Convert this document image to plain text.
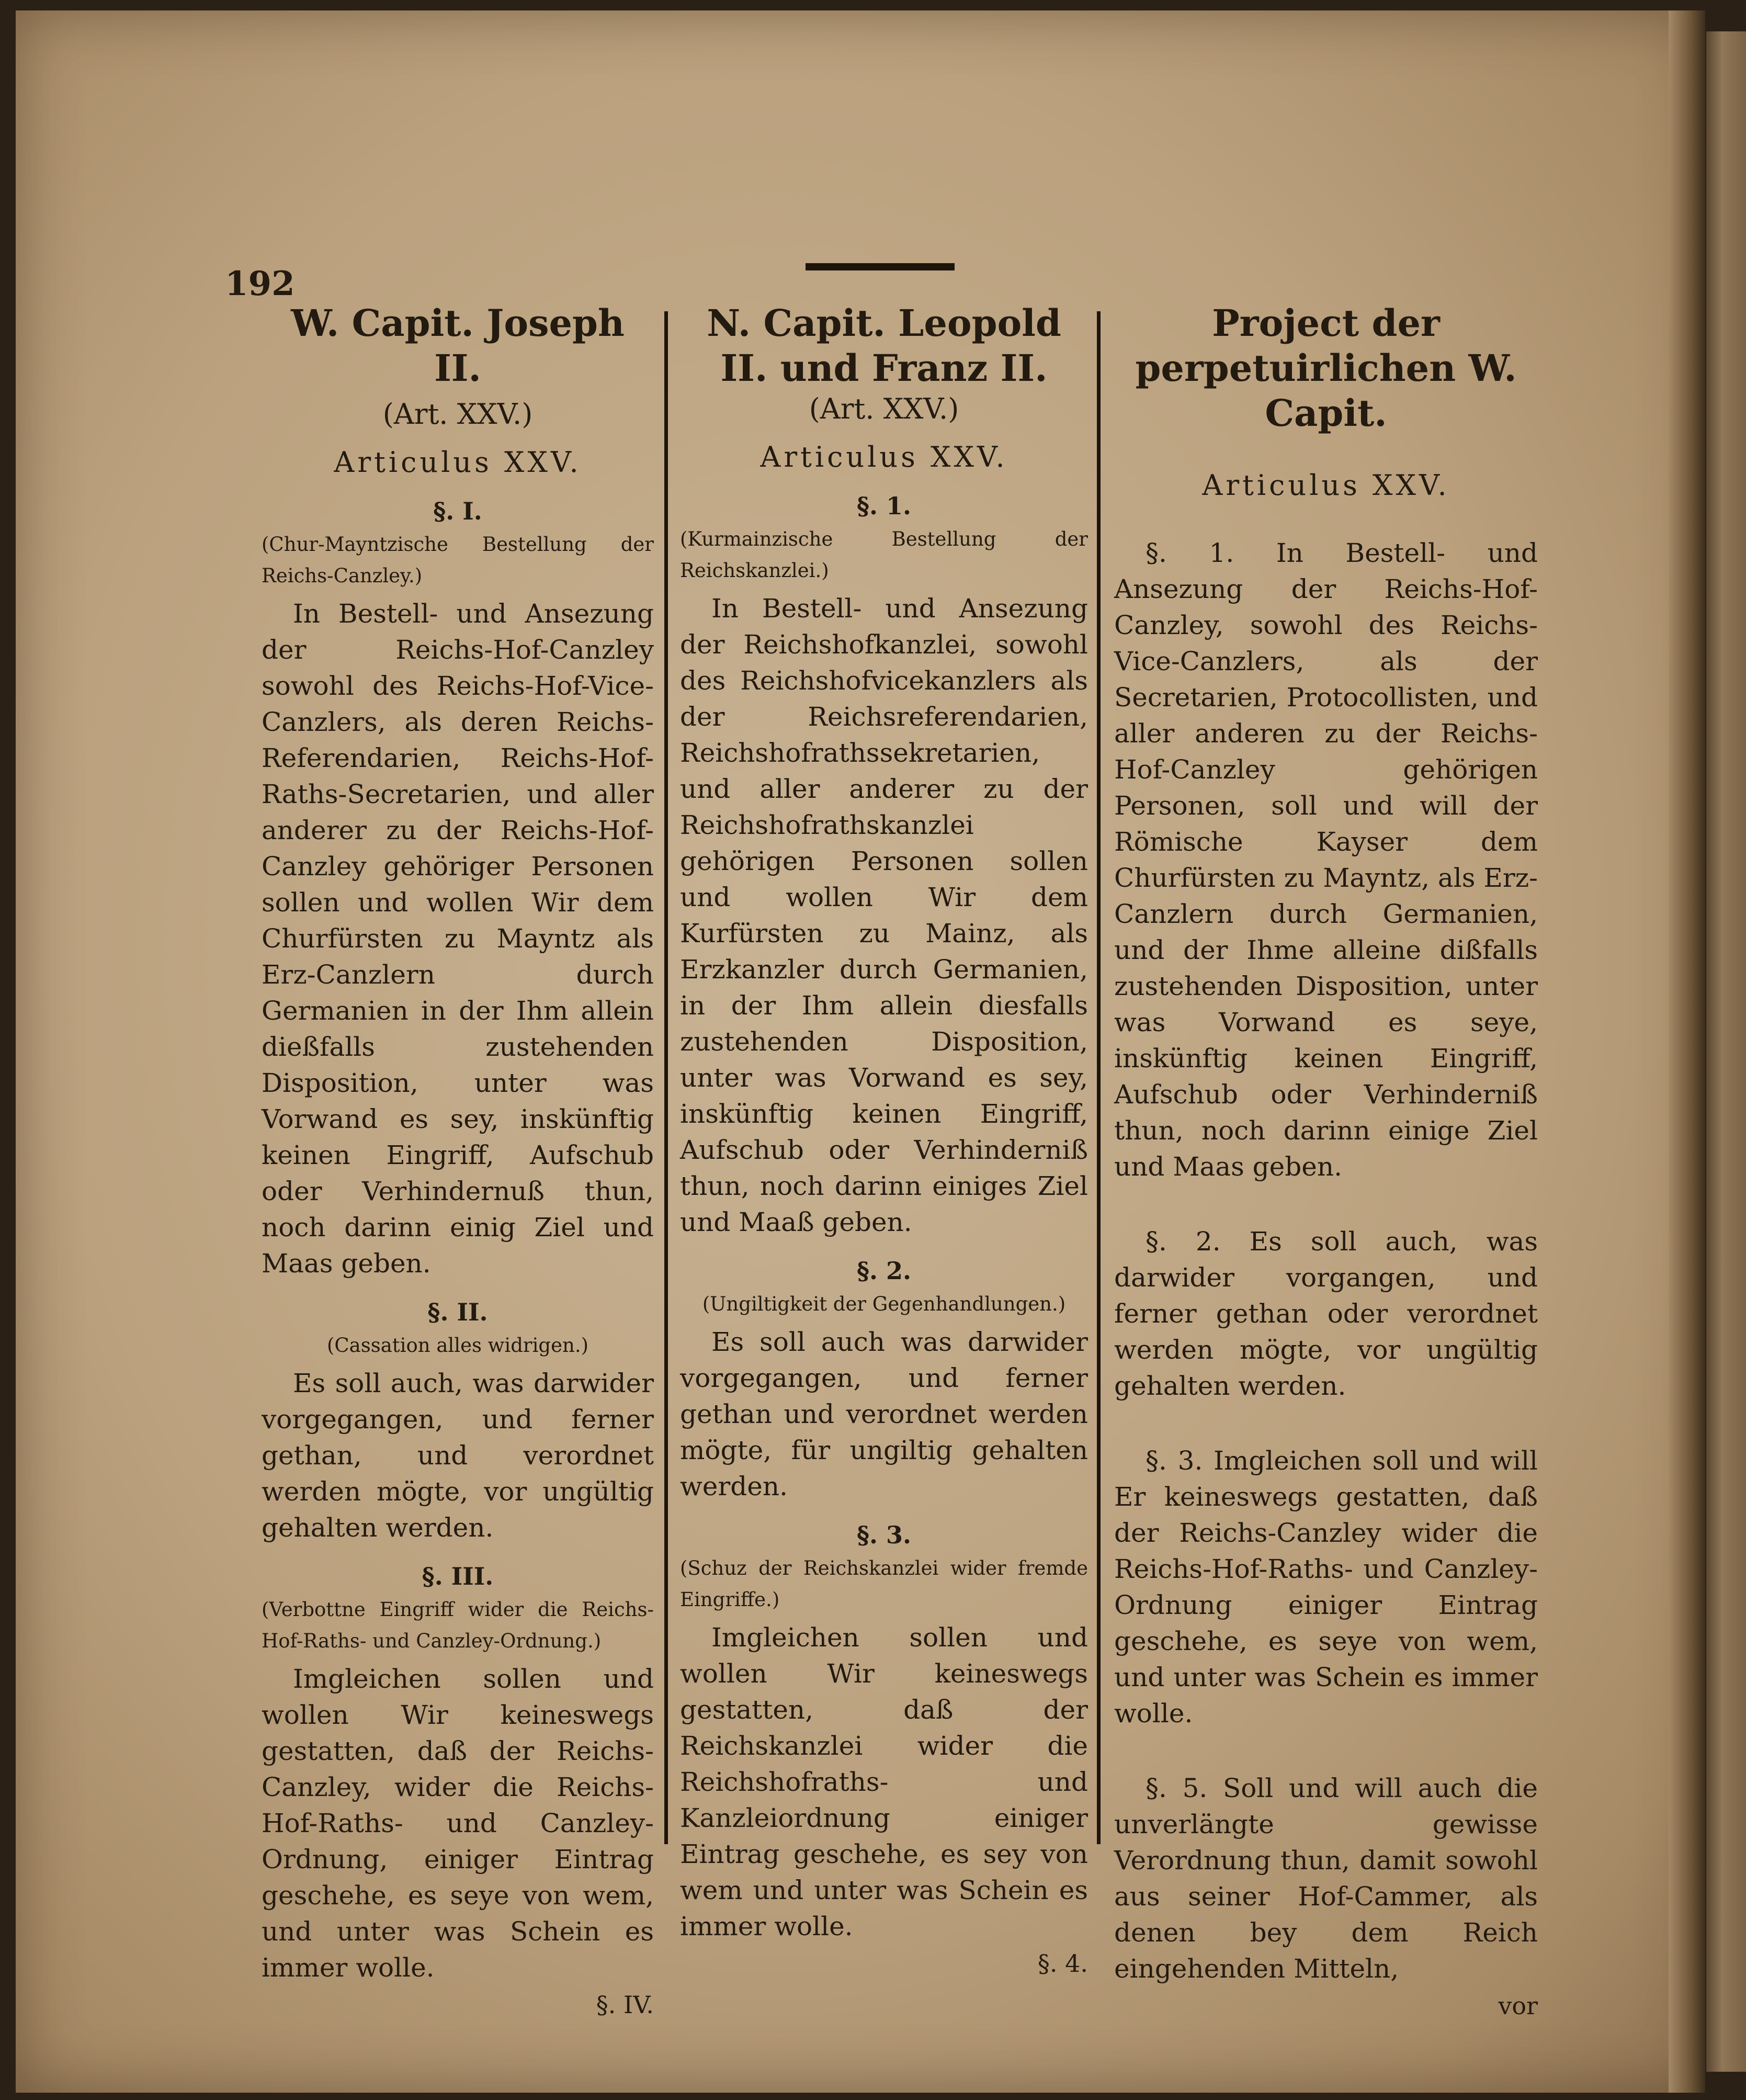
192
W. Capit. Joseph II.

(Art. XXV.)

Articulus XXV.

§. I.

(Chur-Mayntzische Bestellung der Reichs-Canzley.)

In Bestell- und Ansezung der Reichs-Hof-Canzley sowohl des Reichs-Hof-Vice-Canzlers, als deren Reichs-Referendarien, Reichs-Hof-Raths-Secretarien, und aller anderer zu der Reichs-Hof-Canzley gehöriger Personen sollen und wollen Wir dem Churfürsten zu Mayntz als Erz-Canzlern durch Germanien in der Ihm allein dießfalls zustehenden Disposition, unter was Vorwand es sey, inskünftig keinen Eingriff, Aufschub oder Verhindernuß thun, noch darinn einig Ziel und Maas geben.

§. II.

(Cassation alles widrigen.)

Es soll auch, was darwider vorgegangen, und ferner gethan, und verordnet werden mögte, vor ungültig gehalten werden.

§. III.

(Verbottne Eingriff wider die Reichs-Hof-Raths- und Canzley-Ordnung.)

Imgleichen sollen und wollen Wir keineswegs gestatten, daß der Reichs-Canzley, wider die Reichs-Hof-Raths- und Canzley-Ordnung, einiger Eintrag geschehe, es seye von wem, und unter was Schein es immer wolle.

§. IV.

N. Capit. Leopold II. und Franz II.

(Art. XXV.)

Articulus XXV.

§. 1.

(Kurmainzische Bestellung der Reichskanzlei.)

In Bestell- und Ansezung der Reichshofkanzlei, sowohl des Reichshofvicekanzlers als der Reichsreferendarien, Reichshofrathssekretarien, und aller anderer zu der Reichshofrathskanzlei gehörigen Personen sollen und wollen Wir dem Kurfürsten zu Mainz, als Erzkanzler durch Germanien, in der Ihm allein diesfalls zustehenden Disposition, unter was Vorwand es sey, inskünftig keinen Eingriff, Aufschub oder Verhinderniß thun, noch darinn einiges Ziel und Maaß geben.

§. 2.

(Ungiltigkeit der Gegenhandlungen.)

Es soll auch was darwider vorgegangen, und ferner gethan und verordnet werden mögte, für ungiltig gehalten werden.

§. 3.

(Schuz der Reichskanzlei wider fremde Eingriffe.)

Imgleichen sollen und wollen Wir keineswegs gestatten, daß der Reichskanzlei wider die Reichshofraths- und Kanzleiordnung einiger Eintrag geschehe, es sey von wem und unter was Schein es immer wolle.

§. 4.

Project der perpetuirlichen W. Capit.

Articulus XXV.

§. 1. In Bestell- und Ansezung der Reichs-Hof-Canzley, sowohl des Reichs-Vice-Canzlers, als der Secretarien, Protocollisten, und aller anderen zu der Reichs-Hof-Canzley gehörigen Personen, soll und will der Römische Kayser dem Churfürsten zu Mayntz, als Erz-Canzlern durch Germanien, und der Ihme alleine dißfalls zustehenden Disposition, unter was Vorwand es seye, inskünftig keinen Eingriff, Aufschub oder Verhinderniß thun, noch darinn einige Ziel und Maas geben.

§. 2. Es soll auch, was darwider vorgangen, und ferner gethan oder verordnet werden mögte, vor ungültig gehalten werden.

§. 3. Imgleichen soll und will Er keineswegs gestatten, daß der Reichs-Canzley wider die Reichs-Hof-Raths- und Canzley-Ordnung einiger Eintrag geschehe, es seye von wem, und unter was Schein es immer wolle.

§. 5. Soll und will auch die unverlängte gewisse Verordnung thun, damit sowohl aus seiner Hof-Cammer, als denen bey dem Reich eingehenden Mitteln,

vor
